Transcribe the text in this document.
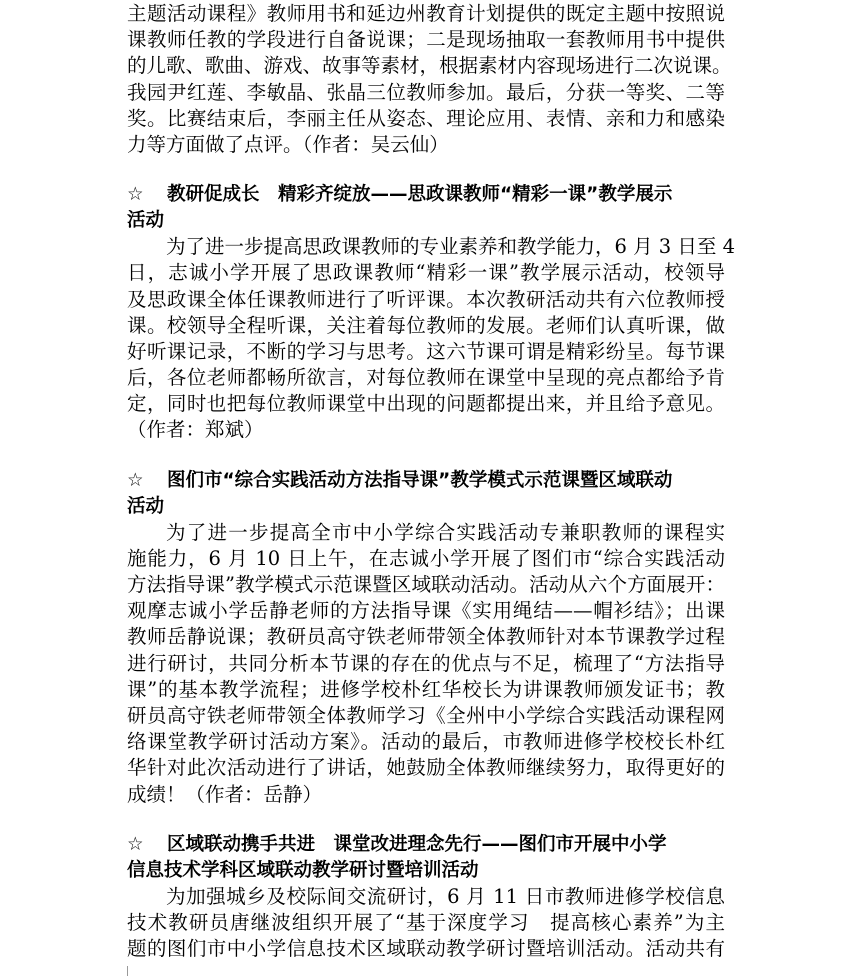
主题活动课程》教师用书和延边州教育计划提供的既定主题中按照说
课教师任教的学段进行自备说课；二是现场抽取一套教师用书中提供
的儿歌、歌曲、游戏、故事等素材，根据素材内容现场进行二次说课。
我园尹红莲、李敏晶、张晶三位教师参加。最后，分获一等奖、二等
奖。比赛结束后，李丽主任从姿态、理论应用、表情、亲和力和感染
力等方面做了点评。（作者：吴云仙）
☆ 教研促成长　精彩齐绽放——思政课教师“精彩一课”教学展示
活动
为了进一步提高思政课教师的专业素养和教学能力，6 月 3 日至 4
日，志诚小学开展了思政课教师“精彩一课”教学展示活动，校领导
及思政课全体任课教师进行了听评课。本次教研活动共有六位教师授
课。校领导全程听课，关注着每位教师的发展。老师们认真听课，做
好听课记录，不断的学习与思考。这六节课可谓是精彩纷呈。每节课
后，各位老师都畅所欲言，对每位教师在课堂中呈现的亮点都给予肯
定，同时也把每位教师课堂中出现的问题都提出来，并且给予意见。
（作者：郑斌）
☆ 图们市“综合实践活动方法指导课”教学模式示范课暨区域联动
活动
为了进一步提高全市中小学综合实践活动专兼职教师的课程实
施能力，6 月 10 日上午，在志诚小学开展了图们市“综合实践活动
方法指导课”教学模式示范课暨区域联动活动。活动从六个方面展开：
观摩志诚小学岳静老师的方法指导课《实用绳结——帽衫结》；出课
教师岳静说课；教研员高守铁老师带领全体教师针对本节课教学过程
进行研讨，共同分析本节课的存在的优点与不足，梳理了“方法指导
课”的基本教学流程；进修学校朴红华校长为讲课教师颁发证书；教
研员高守铁老师带领全体教师学习《全州中小学综合实践活动课程网
络课堂教学研讨活动方案》。活动的最后，市教师进修学校校长朴红
华针对此次活动进行了讲话，她鼓励全体教师继续努力，取得更好的
成绩！（作者：岳静）
☆ 区域联动携手共进　课堂改进理念先行——图们市开展中小学
信息技术学科区域联动教学研讨暨培训活动
为加强城乡及校际间交流研讨，6 月 11 日市教师进修学校信息
技术教研员唐继波组织开展了“基于深度学习　提高核心素养”为主
题的图们市中小学信息技术区域联动教学研讨暨培训活动。活动共有
